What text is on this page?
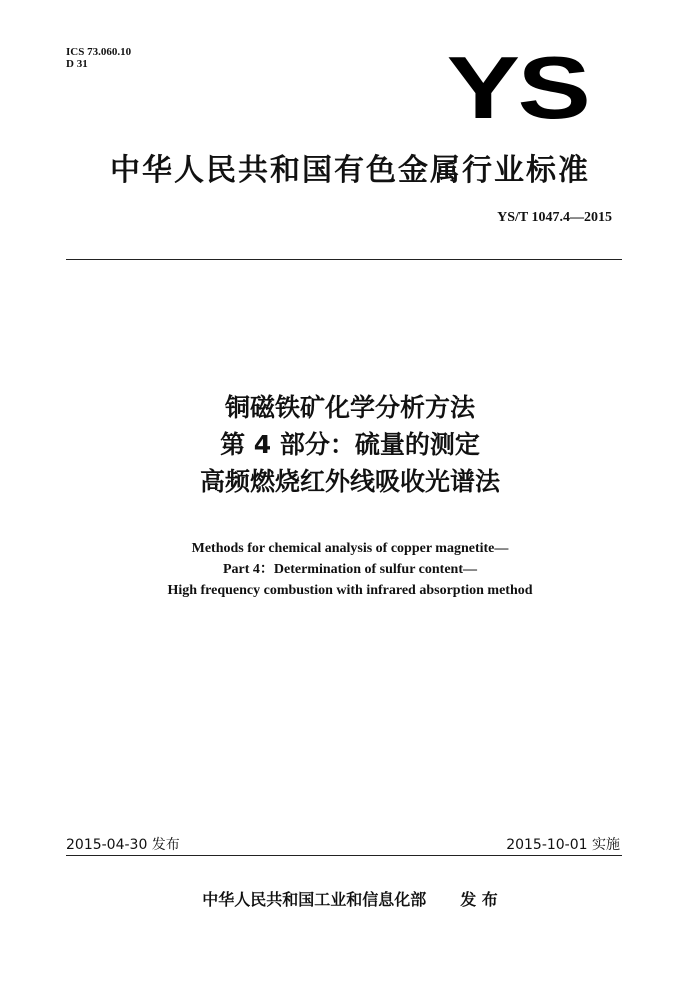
ICS 73.060.10
D 31	YS
中华人民共和国有色金属行业标准
YS/T 1047.4—2015
铜磁铁矿化学分析方法
第 4 部分：硫量的测定
高频燃烧红外线吸收光谱法
Methods for chemical analysis of copper magnetite—
Part 4：Determination of sulfur content—
High frequency combustion with infrared absorption method
2015-04-30 发布	2015-10-01 实施
中华人民共和国工业和信息化部 发 布
